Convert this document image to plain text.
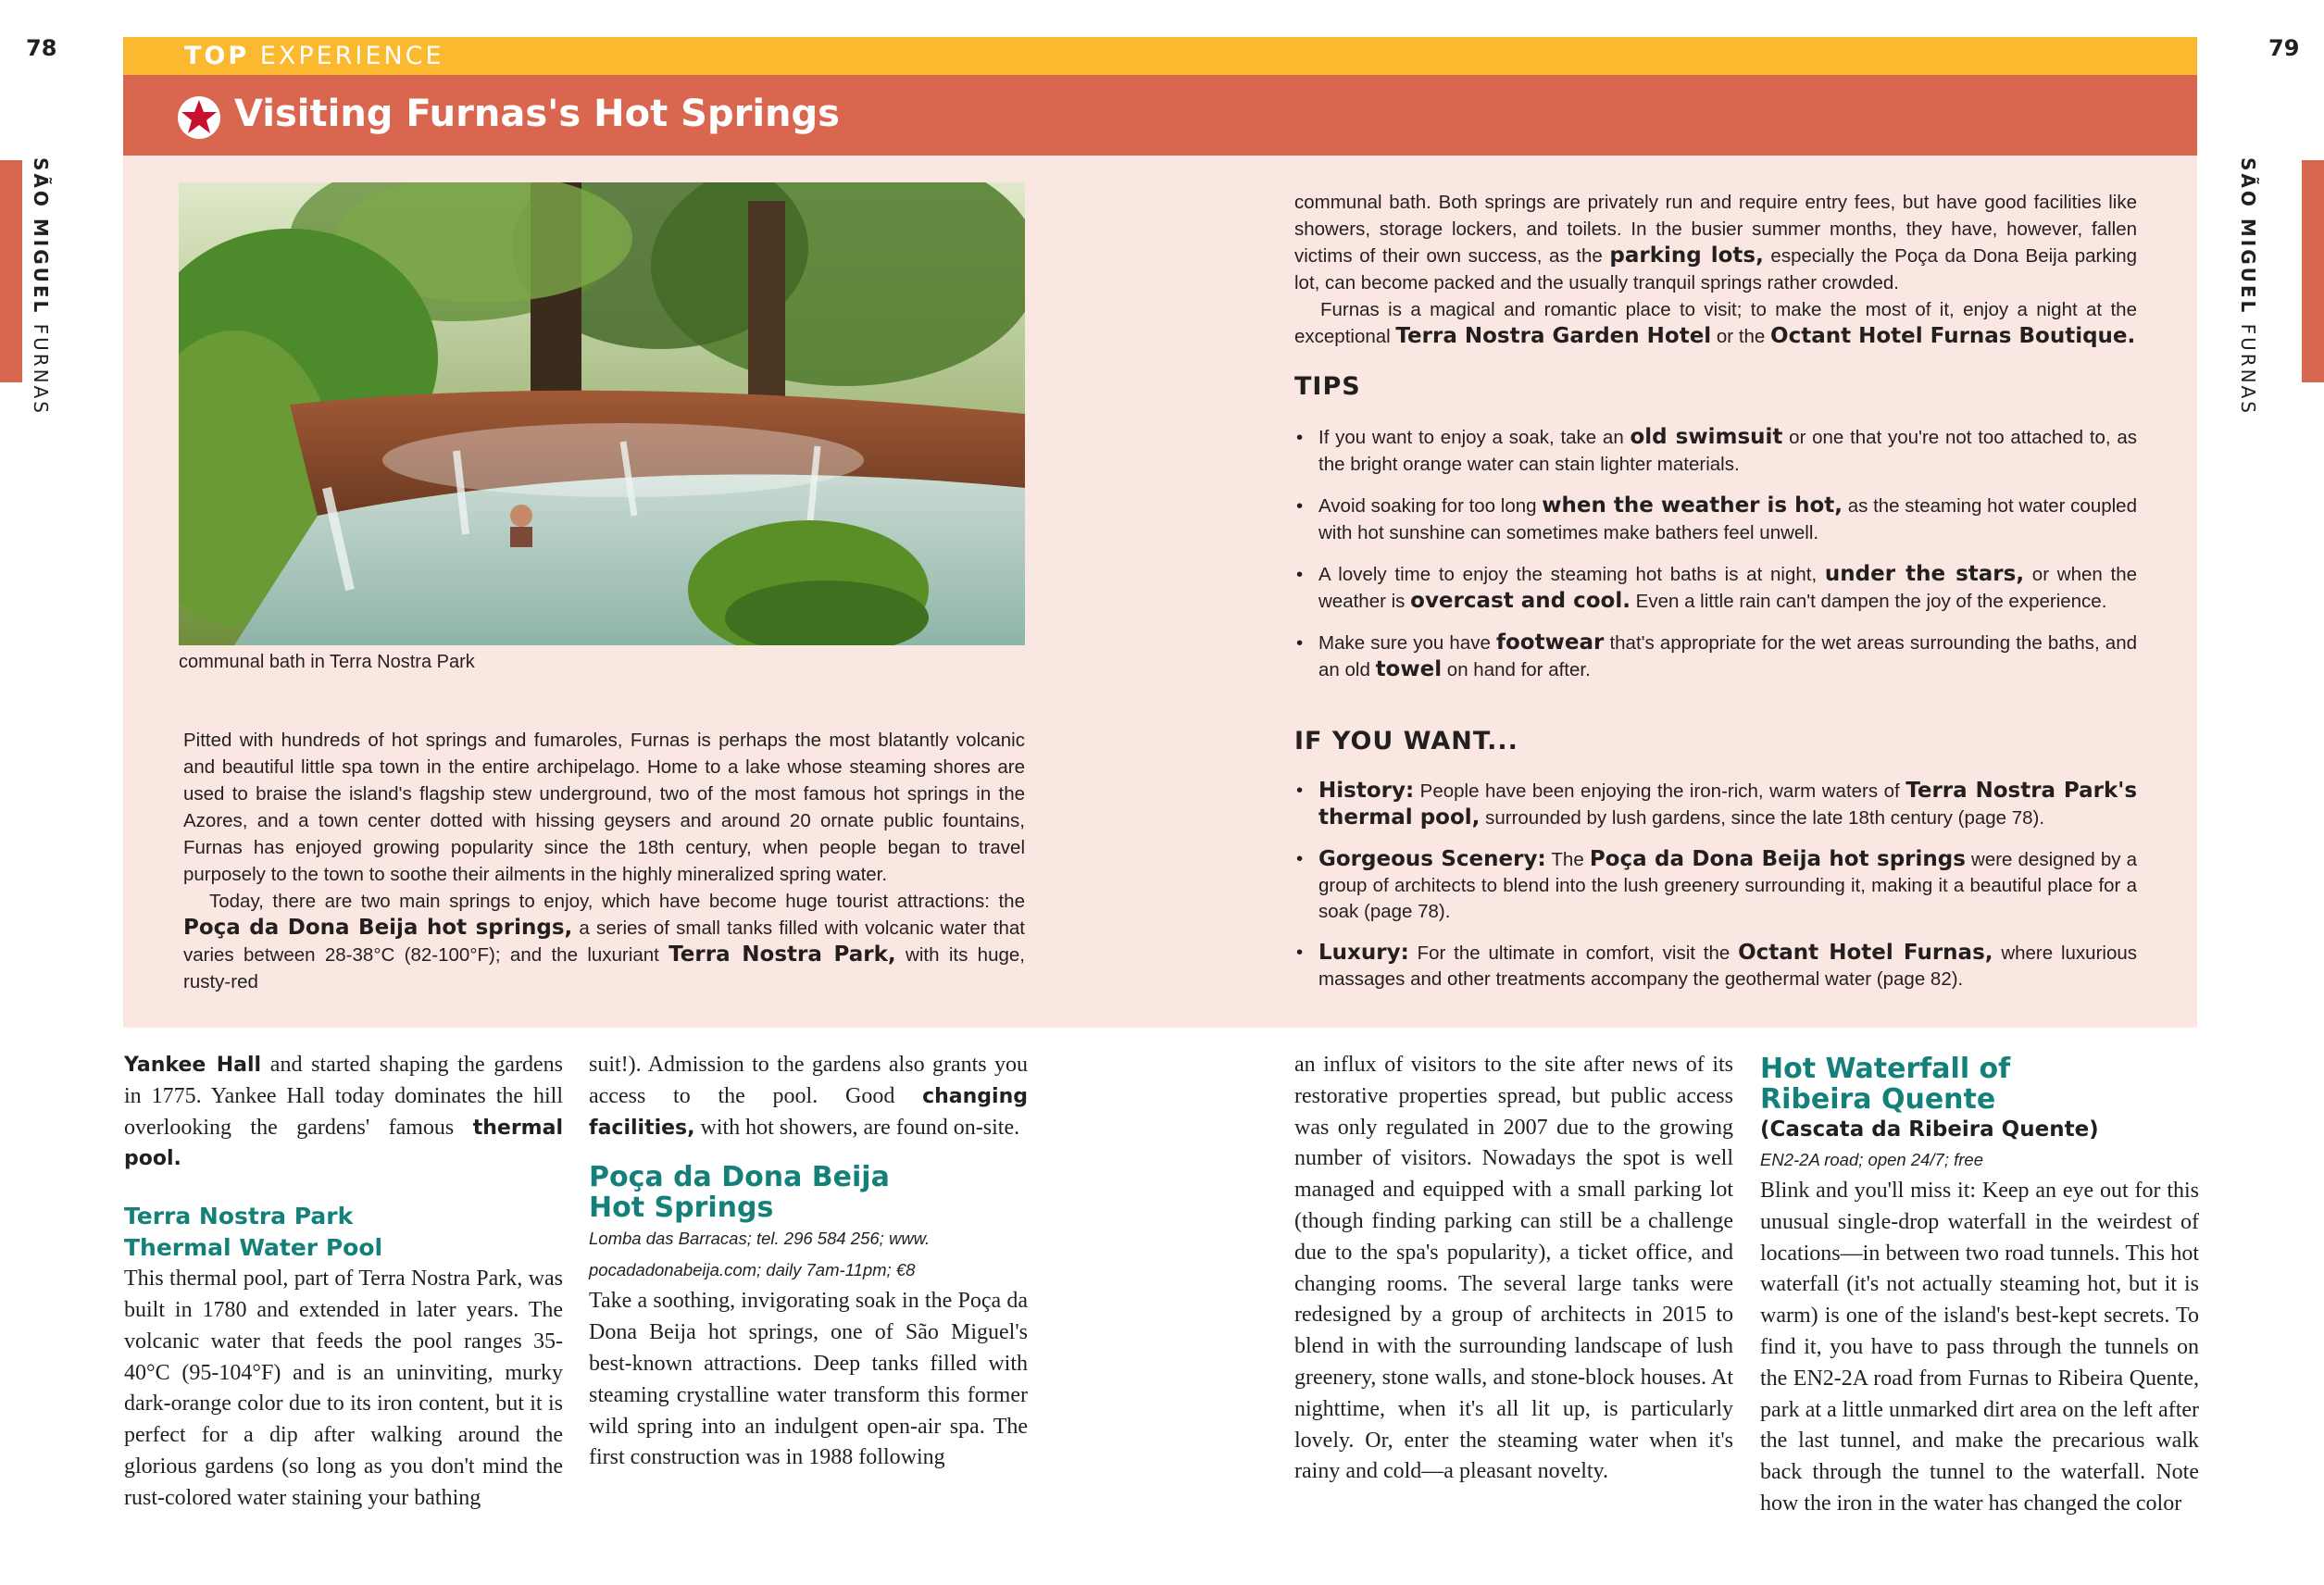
78	79
SÃO MIGUEL FURNAS
SÃO MIGUEL FURNAS
TOP EXPERIENCE
Visiting Furnas's Hot Springs
communal bath in Terra Nostra Park

Pitted with hundreds of hot springs and fumaroles, Furnas is perhaps the most blatantly volcanic and beautiful little spa town in the entire archipelago. Home to a lake whose steaming shores are used to braise the island's flagship stew underground, two of the most famous hot springs in the Azores, and a town center dotted with hissing geysers and around 20 ornate public fountains, Furnas has enjoyed growing popularity since the 18th century, when people began to travel purposely to the town to soothe their ailments in the highly mineralized spring water.

Today, there are two main springs to enjoy, which have become huge tourist attractions: the Poça da Dona Beija hot springs, a series of small tanks filled with volcanic water that varies between 28-38°C (82-100°F); and the luxuriant Terra Nostra Park, with its huge, rusty-red

communal bath. Both springs are privately run and require entry fees, but have good facilities like showers, storage lockers, and toilets. In the busier summer months, they have, however, fallen victims of their own success, as the parking lots, especially the Poça da Dona Beija parking lot, can become packed and the usually tranquil springs rather crowded.

Furnas is a magical and romantic place to visit; to make the most of it, enjoy a night at the exceptional Terra Nostra Garden Hotel or the Octant Hotel Furnas Boutique.

TIPS
• If you want to enjoy a soak, take an old swimsuit or one that you're not too attached to, as the bright orange water can stain lighter materials.
• Avoid soaking for too long when the weather is hot, as the steaming hot water coupled with hot sunshine can sometimes make bathers feel unwell.
• A lovely time to enjoy the steaming hot baths is at night, under the stars, or when the weather is overcast and cool. Even a little rain can't dampen the joy of the experience.
• Make sure you have footwear that's appropriate for the wet areas surrounding the baths, and an old towel on hand for after.
IF YOU WANT...
• History: People have been enjoying the iron-rich, warm waters of Terra Nostra Park's thermal pool, surrounded by lush gardens, since the late 18th century (page 78).
• Gorgeous Scenery: The Poça da Dona Beija hot springs were designed by a group of architects to blend into the lush greenery surrounding it, making it a beautiful place for a soak (page 78).
• Luxury: For the ultimate in comfort, visit the Octant Hotel Furnas, where luxurious massages and other treatments accompany the geothermal water (page 82).

Yankee Hall and started shaping the gardens in 1775. Yankee Hall today dominates the hill overlooking the gardens' famous thermal pool.

Terra Nostra Park
Thermal Water Pool

This thermal pool, part of Terra Nostra Park, was built in 1780 and extended in later years. The volcanic water that feeds the pool ranges 35-40°C (95-104°F) and is an uninviting, murky dark-orange color due to its iron content, but it is perfect for a dip after walking around the glorious gardens (so long as you don't mind the rust-colored water staining your bathing

suit!). Admission to the gardens also grants you access to the pool. Good changing facilities, with hot showers, are found on-site.

Poça da Dona Beija
Hot Springs
Lomba das Barracas; tel. 296 584 256; www.
pocadadonabeija.com; daily 7am-11pm; €8

Take a soothing, invigorating soak in the Poça da Dona Beija hot springs, one of São Miguel's best-known attractions. Deep tanks filled with steaming crystalline water transform this former wild spring into an indulgent open-air spa. The first construction was in 1988 following

an influx of visitors to the site after news of its restorative properties spread, but public access was only regulated in 2007 due to the growing number of visitors. Nowadays the spot is well managed and equipped with a small parking lot (though finding parking can still be a challenge due to the spa's popularity), a ticket office, and changing rooms. The several large tanks were redesigned by a group of architects in 2015 to blend in with the surrounding landscape of lush greenery, stone walls, and stone-block houses. At nighttime, when it's all lit up, is particularly lovely. Or, enter the steaming water when it's rainy and cold—a pleasant novelty.

Hot Waterfall of
Ribeira Quente
(Cascata da Ribeira Quente)
EN2-2A road; open 24/7; free

Blink and you'll miss it: Keep an eye out for this unusual single-drop waterfall in the weirdest of locations—in between two road tunnels. This hot waterfall (it's not actually steaming hot, but it is warm) is one of the island's best-kept secrets. To find it, you have to pass through the tunnels on the EN2-2A road from Furnas to Ribeira Quente, park at a little unmarked dirt area on the left after the last tunnel, and make the precarious walk back through the tunnel to the waterfall. Note how the iron in the water has changed the color
